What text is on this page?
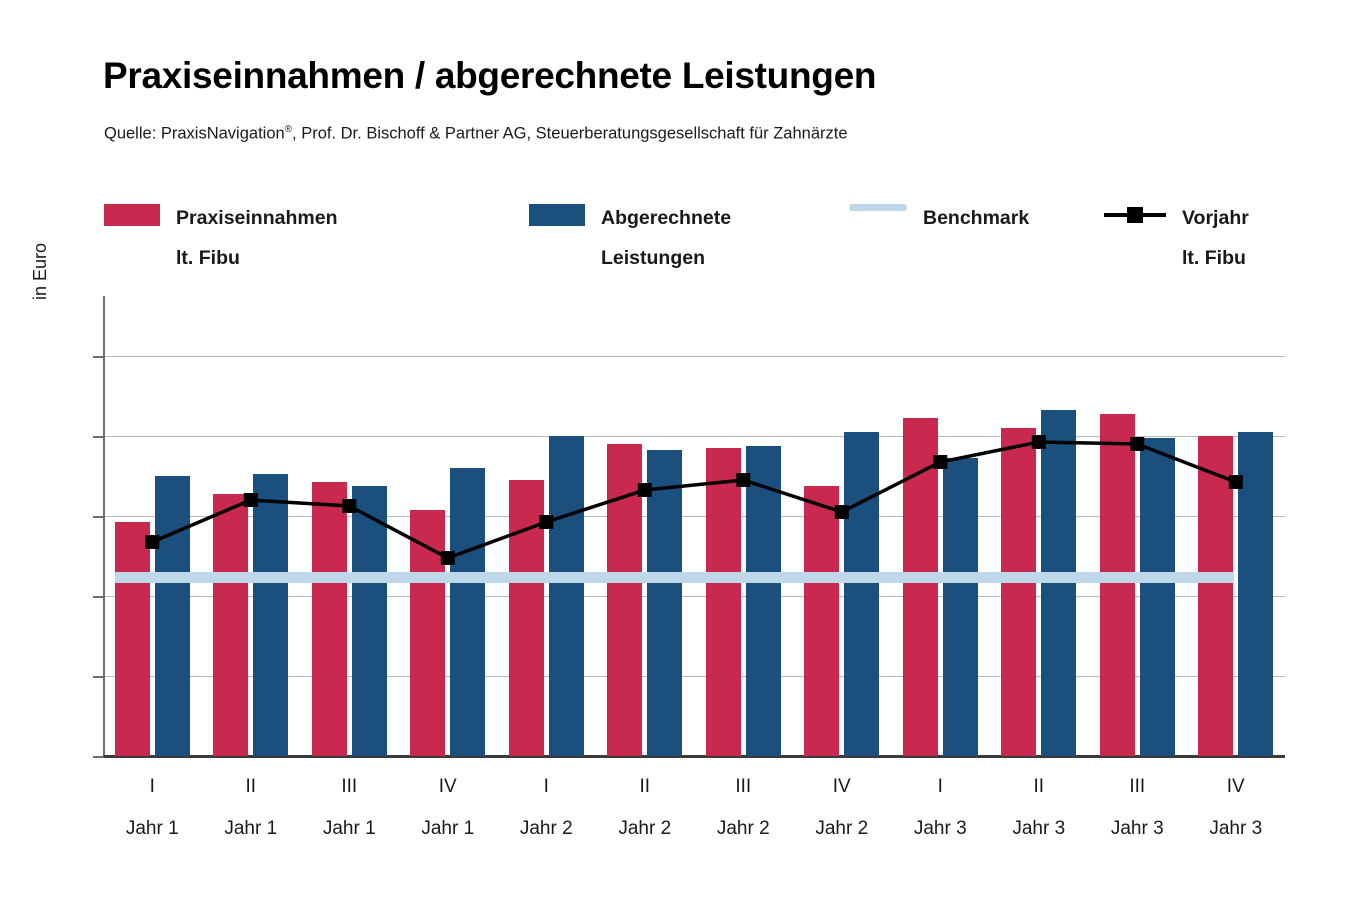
Praxiseinnahmen / abgerechnete Leistungen
Quelle: PraxisNavigation®, Prof. Dr. Bischoff & Partner AG, Steuerberatungsgesellschaft für Zahnärzte
Praxiseinnahmen
lt. Fibu
Abgerechnete
Leistungen
Benchmark	Vorjahr
lt. Fibu
in Euro
I
Jahr 1
II
Jahr 1
III
Jahr 1
IV
Jahr 1
I
Jahr 2
II
Jahr 2
III
Jahr 2
IV
Jahr 2
I
Jahr 3
II
Jahr 3
III
Jahr 3
IV
Jahr 3
